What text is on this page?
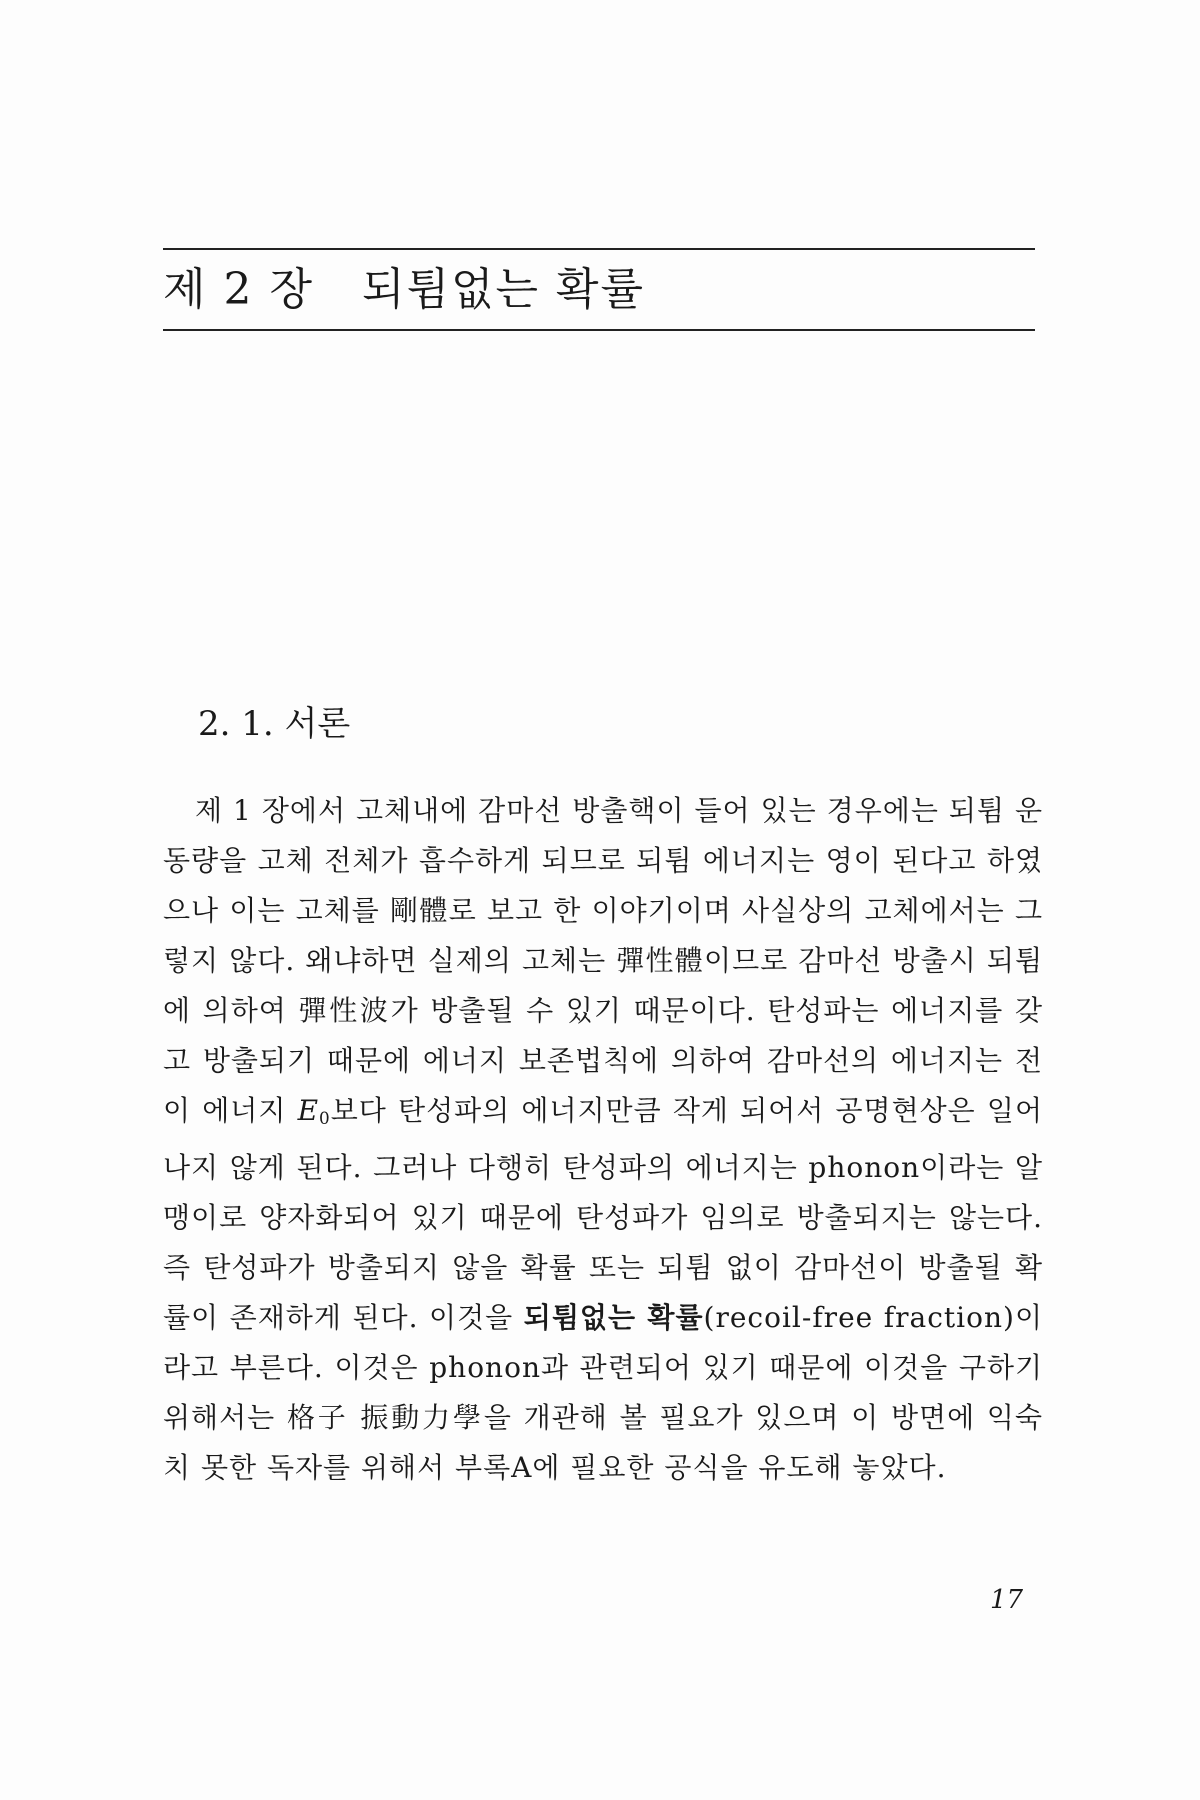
제 2 장 되튐없는 확률
2. 1. 서론

제 1 장에서 고체내에 감마선 방출핵이 들어 있는 경우에는 되튐 운동량을 고체 전체가 흡수하게 되므로 되튐 에너지는 영이 된다고 하였으나 이는 고체를 剛體로 보고 한 이야기이며 사실상의 고체에서는 그렇지 않다. 왜냐하면 실제의 고체는 彈性體이므로 감마선 방출시 되튐에 의하여 彈性波가 방출될 수 있기 때문이다. 탄성파는 에너지를 갖고 방출되기 때문에 에너지 보존법칙에 의하여 감마선의 에너지는 전이 에너지 $E_0$보다 탄성파의 에너지만큼 작게 되어서 공명현상은 일어나지 않게 된다. 그러나 다행히 탄성파의 에너지는 phonon이라는 알맹이로 양자화되어 있기 때문에 탄성파가 임의로 방출되지는 않는다. 즉 탄성파가 방출되지 않을 확률 또는 되튐 없이 감마선이 방출될 확률이 존재하게 된다. 이것을 되튐없는 확률(recoil-free fraction)이라고 부른다. 이것은 phonon과 관련되어 있기 때문에 이것을 구하기 위해서는 格子 振動力學을 개관해 볼 필요가 있으며 이 방면에 익숙치 못한 독자를 위해서 부록A에 필요한 공식을 유도해 놓았다.

17
